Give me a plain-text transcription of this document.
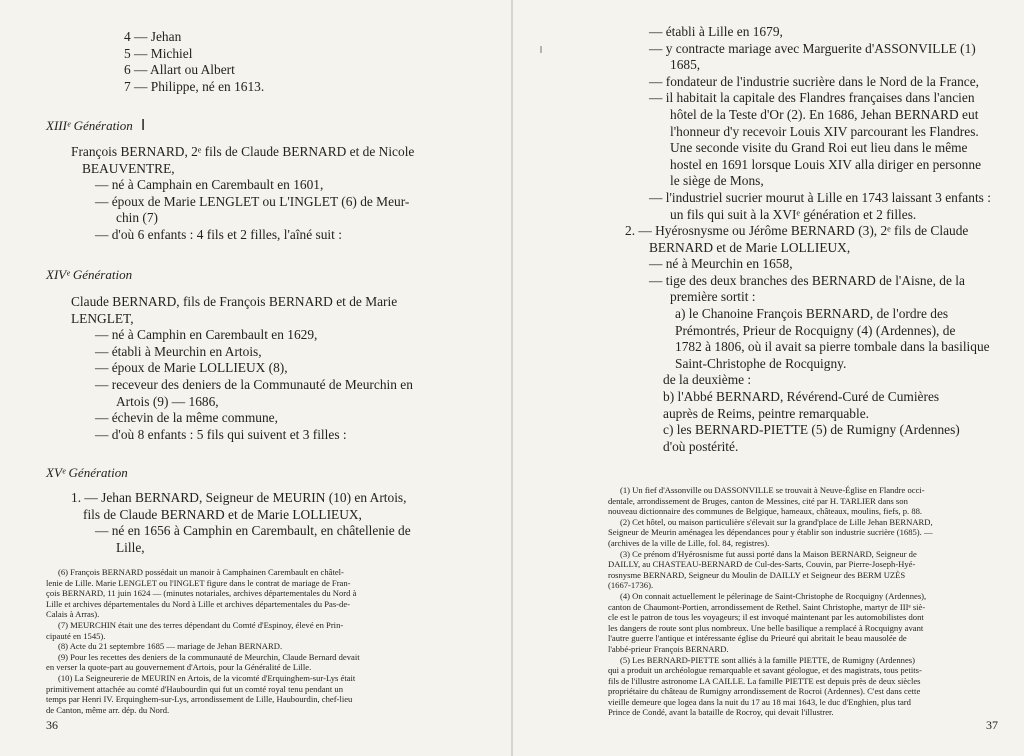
4 — Jehan
5 — Michiel
6 — Allart ou Albert
7 — Philippe, né en 1613.
XIIIᵉ Génération I
François BERNARD, 2ᵉ fils de Claude BERNARD et de Nicole
BEAUVENTRE,
— né à Camphain en Carembault en 1601,
— époux de Marie LENGLET ou L'INGLET (6) de Meur-
chin (7)
— d'où 6 enfants : 4 fils et 2 filles, l'aîné suit :
XIVᵉ Génération
Claude BERNARD, fils de François BERNARD et de Marie
LENGLET,
— né à Camphin en Carembault en 1629,
— établi à Meurchin en Artois,
— époux de Marie LOLLIEUX (8),
— receveur des deniers de la Communauté de Meurchin en
Artois (9) — 1686,
— échevin de la même commune,
— d'où 8 enfants : 5 fils qui suivent et 3 filles :
XVᵉ Génération
1. — Jehan BERNARD, Seigneur de MEURIN (10) en Artois,
fils de Claude BERNARD et de Marie LOLLIEUX,
— né en 1656 à Camphin en Carembault, en châtellenie de
Lille,
(6) François BERNARD possédait un manoir à Camphainen Carembault en châtel-
lenie de Lille. Marie LENGLET ou l'INGLET figure dans le contrat de mariage de Fran-
çois BERNARD, 11 juin 1624 — (minutes notariales, archives départementales du Nord à
Lille et archives départementales du Nord à Lille et archives départementales du Pas-de-
Calais à Arras).
(7) MEURCHIN était une des terres dépendant du Comté d'Espinoy, élevé en Prin-
cipauté en 1545).
(8) Acte du 21 septembre 1685 — mariage de Jehan BERNARD.
(9) Pour les recettes des deniers de la communauté de Meurchin, Claude Bernard devait
en verser la quote-part au gouvernement d'Artois, pour la Généralité de Lille.
(10) La Seigneurerie de MEURIN en Artois, de la vicomté d'Erquinghem-sur-Lys était
primitivement attachée au comté d'Haubourdin qui fut un comté royal tenu pendant un
temps par Henri IV. Erquinghem-sur-Lys, arrondissement de Lille, Haubourdin, chef-lieu
de Canton, même arr. dép. du Nord.
36
— établi à Lille en 1679,
— y contracte mariage avec Marguerite d'ASSONVILLE (1)
1685,
— fondateur de l'industrie sucrière dans le Nord de la France,
— il habitait la capitale des Flandres françaises dans l'ancien
hôtel de la Teste d'Or (2). En 1686, Jehan BERNARD eut
l'honneur d'y recevoir Louis XIV parcourant les Flandres.
Une seconde visite du Grand Roi eut lieu dans le même
hostel en 1691 lorsque Louis XIV alla diriger en personne
le siège de Mons,
— l'industriel sucrier mourut à Lille en 1743 laissant 3 enfants :
un fils qui suit à la XVIᵉ génération et 2 filles.
2. — Hyérosnysme ou Jérôme BERNARD (3), 2ᵉ fils de Claude
BERNARD et de Marie LOLLIEUX,
— né à Meurchin en 1658,
— tige des deux branches des BERNARD de l'Aisne, de la
première sortit :
a) le Chanoine François BERNARD, de l'ordre des
Prémontrés, Prieur de Rocquigny (4) (Ardennes), de
1782 à 1806, où il avait sa pierre tombale dans la basilique
Saint-Christophe de Rocquigny.
de la deuxième :
b) l'Abbé BERNARD, Révérend-Curé de Cumières
auprès de Reims, peintre remarquable.
c) les BERNARD-PIETTE (5) de Rumigny (Ardennes)
d'où postérité.
(1) Un fief d'Assonville ou DASSONVILLE se trouvait à Neuve-Église en Flandre occi-
dentale, arrondissement de Bruges, canton de Messines, cité par H. TARLIER dans son
nouveau dictionnaire des communes de Belgique, hameaux, châteaux, moulins, fiefs, p. 88.
(2) Cet hôtel, ou maison particulière s'élevait sur la grand'place de Lille Jehan BERNARD,
Seigneur de Meurin aménagea les dépendances pour y établir son industrie sucrière (1685). —
(archives de la ville de Lille, fol. 84, registres).
(3) Ce prénom d'Hyérosnisme fut aussi porté dans la Maison BERNARD, Seigneur de
DAILLY, au CHASTEAU-BERNARD de Cul-des-Sarts, Couvin, par Pierre-Joseph-Hyé-
rosnysme BERNARD, Seigneur du Moulin de DAILLY et Seigneur des BERM UZÈS
(1667-1736).
(4) On connait actuellement le pélerinage de Saint-Christophe de Rocquigny (Ardennes),
canton de Chaumont-Portien, arrondissement de Rethel. Saint Christophe, martyr de IIIᵉ siè-
cle est le patron de tous les voyageurs; il est invoqué maintenant par les automobilistes dont
les dangers de route sont plus nombreux. Une belle basilique a remplacé à Rocquigny avant
l'autre guerre l'antique et intéressante église du Prieuré qui abritait le beau mausolée de
l'abbé-prieur François BERNARD.
(5) Les BERNARD-PIETTE sont alliés à la famille PIETTE, de Rumigny (Ardennes)
qui a produit un archéologue remarquable et savant géologue, et des magistrats, tous petits-
fils de l'illustre astronome LA CAILLE. La famille PIETTE est depuis près de deux siècles
propriétaire du château de Rumigny arrondissement de Rocroi (Ardennes). C'est dans cette
vieille demeure que logea dans la nuit du 17 au 18 mai 1643, le duc d'Enghien, plus tard
Prince de Condé, avant la bataille de Rocroy, qui devait l'illustrer.
37
